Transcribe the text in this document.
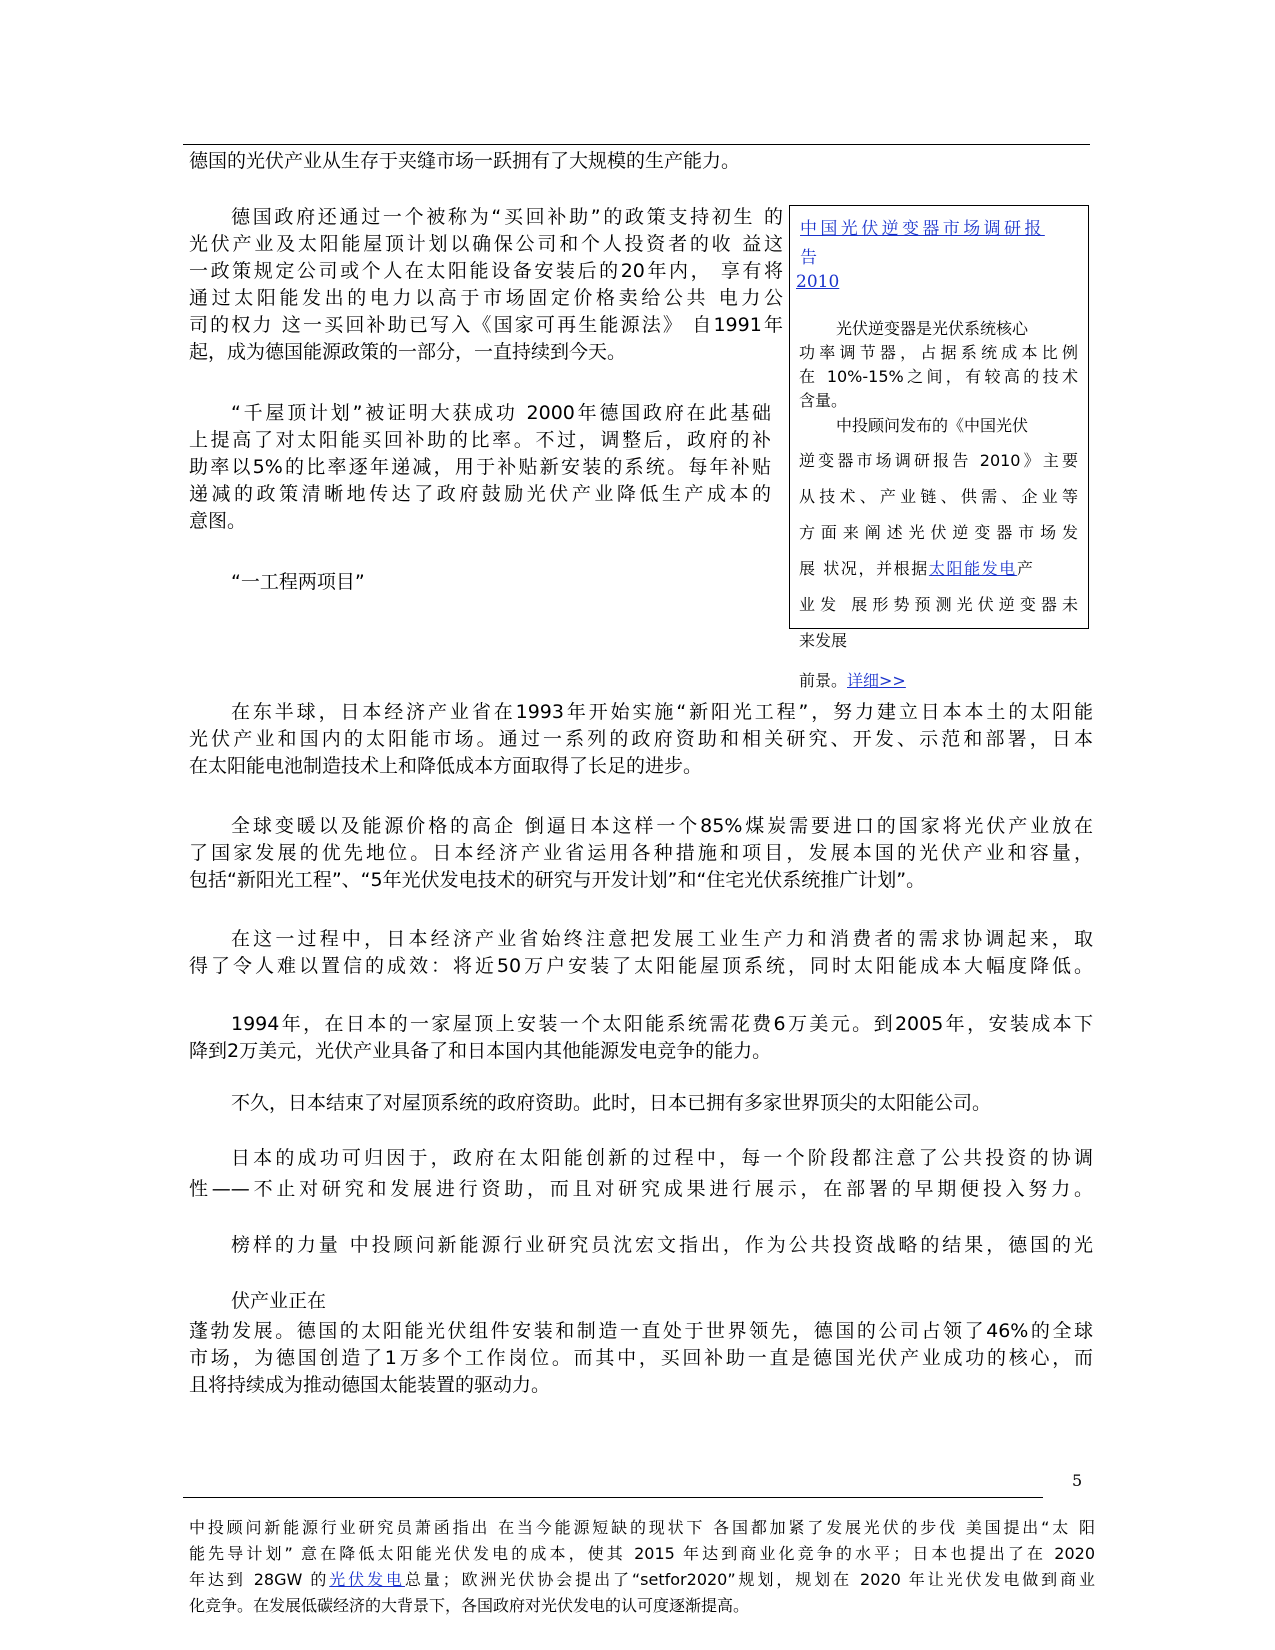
德国的光伏产业从生存于夹缝市场一跃拥有了大规模的生产能力。
德国政府还通过一个被称为“买回补助”的政策支持初生 的
光伏产业及太阳能屋顶计划以确保公司和个人投资者的收 益这
一政策规定公司或个人在太阳能设备安装后的20年内， 享有将
通过太阳能发出的电力以高于市场固定价格卖给公共 电力公
司的权力 这一买回补助已写入《国家可再生能源法》 自1991年
起，成为德国能源政策的一部分，一直持续到今天。
“千屋顶计划”被证明大获成功 2000年德国政府在此基础
上提高了对太阳能买回补助的比率。不过，调整后，政府的补
助率以5%的比率逐年递减，用于补贴新安装的系统。每年补贴
递减的政策清晰地传达了政府鼓励光伏产业降低生产成本的
意图。
“一工程两项目”
中国光伏逆变器市场调研报
告
2010
光伏逆变器是光伏系统核心
功率调节器，占据系统成本比例
在 10%-15%之间，有较高的技术
含量。
中投顾问发布的《中国光伏
逆变器市场调研报告 2010》主要
从技术、产业链、供需、企业等
方面来阐述光伏逆变器市场发
展 状况，并根据太阳能发电产
业发 展形势预测光伏逆变器未
来发展
前景。详细>>
在东半球，日本经济产业省在1993年开始实施“新阳光工程”，努力建立日本本土的太阳能
光伏产业和国内的太阳能市场。通过一系列的政府资助和相关研究、开发、示范和部署，日本
在太阳能电池制造技术上和降低成本方面取得了长足的进步。
全球变暖以及能源价格的高企 倒逼日本这样一个85%煤炭需要进口的国家将光伏产业放在
了国家发展的优先地位。日本经济产业省运用各种措施和项目，发展本国的光伏产业和容量，
包括“新阳光工程”、“5年光伏发电技术的研究与开发计划”和“住宅光伏系统推广计划”。
在这一过程中，日本经济产业省始终注意把发展工业生产力和消费者的需求协调起来，取
得了令人难以置信的成效：将近50万户安装了太阳能屋顶系统，同时太阳能成本大幅度降低。
1994年，在日本的一家屋顶上安装一个太阳能系统需花费6万美元。到2005年，安装成本下
降到2万美元，光伏产业具备了和日本国内其他能源发电竞争的能力。
不久，日本结束了对屋顶系统的政府资助。此时，日本已拥有多家世界顶尖的太阳能公司。
日本的成功可归因于，政府在太阳能创新的过程中，每一个阶段都注意了公共投资的协调
性——不止对研究和发展进行资助，而且对研究成果进行展示，在部署的早期便投入努力。
榜样的力量 中投顾问新能源行业研究员沈宏文指出，作为公共投资战略的结果，德国的光
伏产业正在
蓬勃发展。德国的太阳能光伏组件安装和制造一直处于世界领先，德国的公司占领了46%的全球
市场，为德国创造了1万多个工作岗位。而其中，买回补助一直是德国光伏产业成功的核心，而
且将持续成为推动德国太能装置的驱动力。
5
中投顾问新能源行业研究员萧函指出 在当今能源短缺的现状下 各国都加紧了发展光伏的步伐 美国提出“太 阳
能先导计划” 意在降低太阳能光伏发电的成本，使其 2015 年达到商业化竞争的水平；日本也提出了在 2020
年达到 28GW 的光伏发电总量；欧洲光伏协会提出了“setfor2020”规划，规划在 2020 年让光伏发电做到商业
化竞争。在发展低碳经济的大背景下，各国政府对光伏发电的认可度逐渐提高。
